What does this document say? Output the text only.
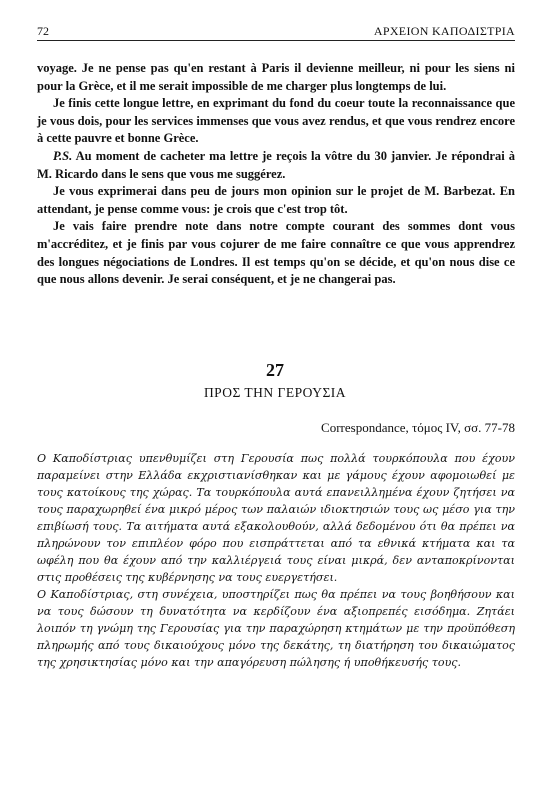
72	ΑΡΧΕΙΟΝ ΚΑΠΟΔΙΣΤΡΙΑ

voyage. Je ne pense pas qu'en restant à Paris il devienne meilleur, ni pour les siens ni pour la Grèce, et il me serait impossible de me charger plus longtemps de lui.

Je finis cette longue lettre, en exprimant du fond du coeur toute la reconnaissance que je vous dois, pour les services immenses que vous avez rendus, et que vous rendrez encore à cette pauvre et bonne Grèce.

P.S. Au moment de cacheter ma lettre je reçois la vôtre du 30 janvier. Je répondrai à M. Ricardo dans le sens que vous me suggérez.

Je vous exprimerai dans peu de jours mon opinion sur le projet de M. Barbezat. En attendant, je pense comme vous: je crois que c'est trop tôt.

Je vais faire prendre note dans notre compte courant des sommes dont vous m'accréditez, et je finis par vous cojurer de me faire connaître ce que vous apprendrez des longues négociations de Londres. Il est temps qu'on se décide, et qu'on nous dise ce que nous allons devenir. Je serai conséquent, et je ne changerai pas.

27
ΠΡΟΣ ΤΗΝ ΓΕΡΟΥΣΙΑ
Correspondance, τόμος IV, σσ. 77-78

Ο Καποδίστριας υπενθυμίζει στη Γερουσία πως πολλά τουρκόπουλα που έχουν παραμείνει στην Ελλάδα εκχριστιανίσθηκαν και με γάμους έχουν αφομοιωθεί με τους κατοίκους της χώρας. Τα τουρκόπουλα αυτά επανειλλημένα έχουν ζητήσει να τους παραχωρηθεί ένα μικρό μέρος των παλαιών ιδιοκτησιών τους ως μέσο για την επιβίωσή τους. Τα αιτήματα αυτά εξακολουθούν, αλλά δεδομένου ότι θα πρέπει να πληρώνουν τον επιπλέον φόρο που εισπράττεται από τα εθνικά κτήματα και τα ωφέλη που θα έχουν από την καλλιέργειά τους είναι μικρά, δεν ανταποκρίνονται στις προθέσεις της κυβέρνησης να τους ευεργετήσει.

Ο Καποδίστριας, στη συνέχεια, υποστηρίζει πως θα πρέπει να τους βοηθήσουν και να τους δώσουν τη δυνατότητα να κερδίζουν ένα αξιοπρεπές εισόδημα. Ζητάει λοιπόν τη γνώμη της Γερουσίας για την παραχώρηση κτημάτων με την προϋπόθεση πληρωμής από τους δικαιούχους μόνο της δεκάτης, τη διατήρηση του δικαιώματος της χρησικτησίας μόνο και την απαγόρευση πώλησης ή υποθήκευσής τους.
